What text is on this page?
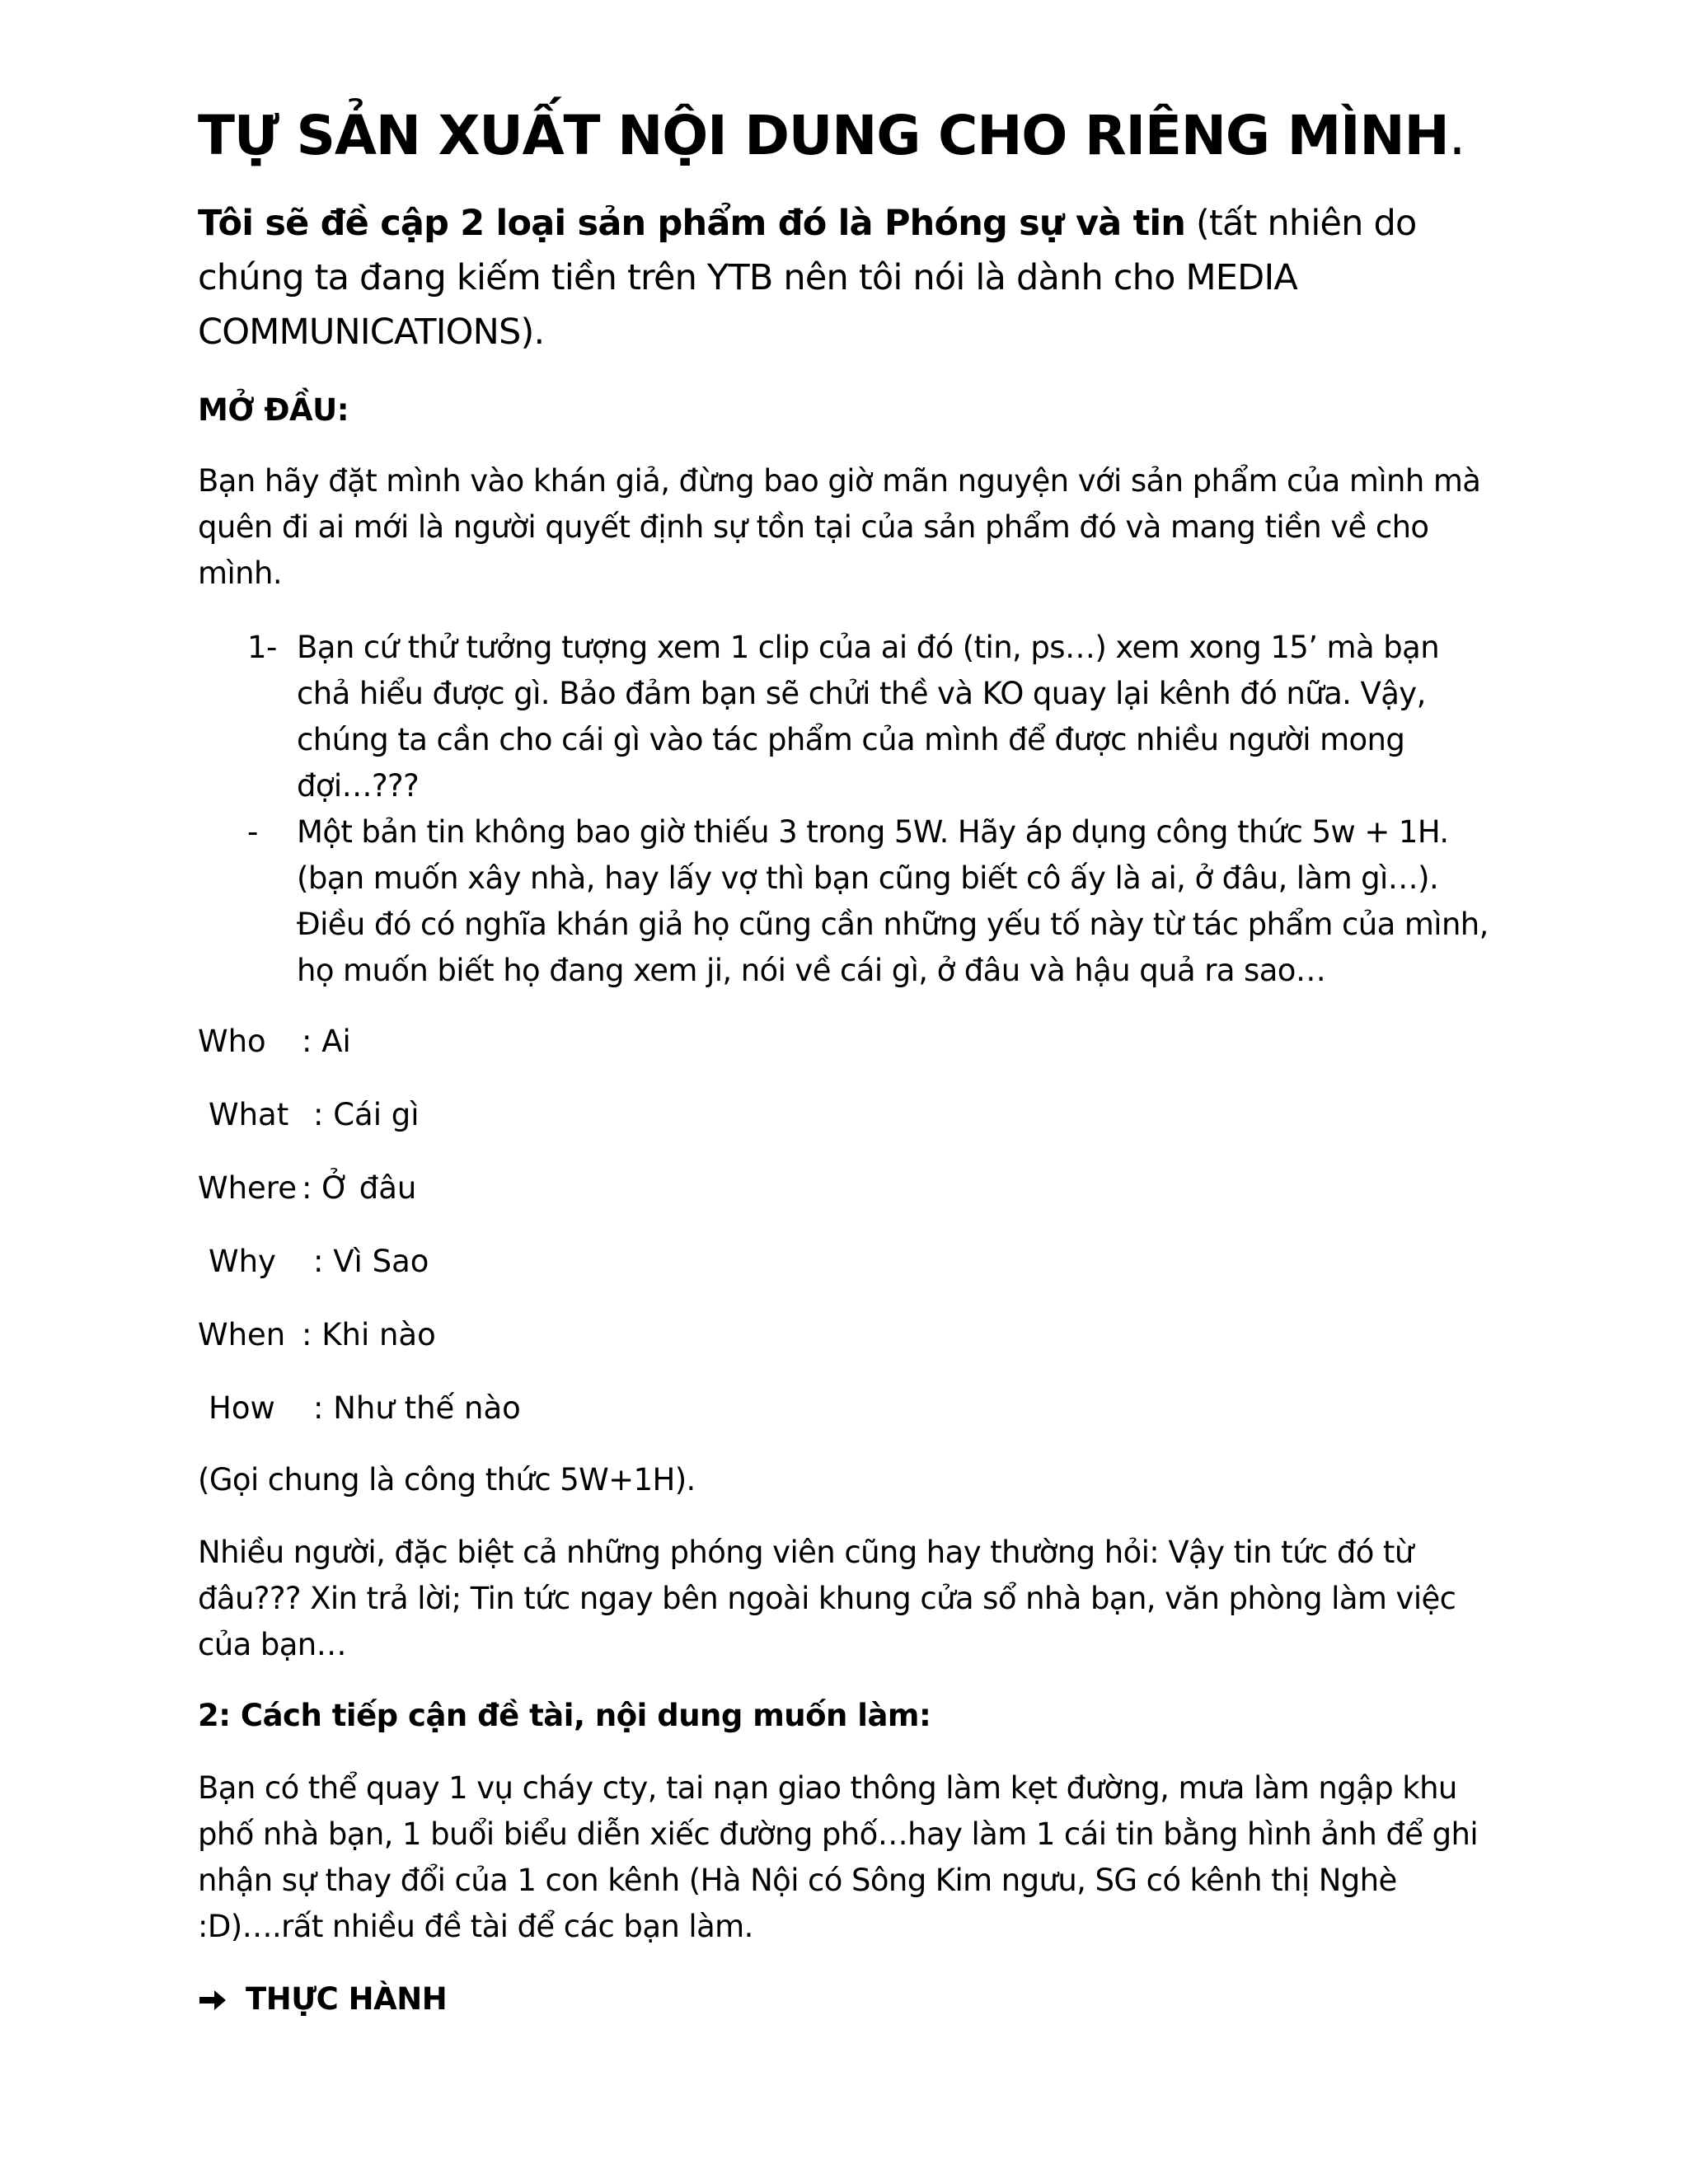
TỰ SẢN XUẤT NỘI DUNG CHO RIÊNG MÌNH.

Tôi sẽ đề cập 2 loại sản phẩm đó là Phóng sự và tin (tất nhiên do chúng ta đang kiếm tiền trên YTB nên tôi nói là dành cho MEDIA COMMUNICATIONS).

MỞ ĐẦU:

Bạn hãy đặt mình vào khán giả, đừng bao giờ mãn nguyện với sản phẩm của mình mà quên đi ai mới là người quyết định sự tồn tại của sản phẩm đó và mang tiền về cho mình.

1- Bạn cứ thử tưởng tượng xem 1 clip của ai đó (tin, ps…) xem xong 15’ mà bạn chả hiểu được gì. Bảo đảm bạn sẽ chửi thề và KO quay lại kênh đó nữa. Vậy, chúng ta cần cho cái gì vào tác phẩm của mình để được nhiều người mong đợi…???
- Một bản tin không bao giờ thiếu 3 trong 5W. Hãy áp dụng công thức 5w + 1H. (bạn muốn xây nhà, hay lấy vợ thì bạn cũng biết cô ấy là ai, ở đâu, làm gì…). Điều đó có nghĩa khán giả họ cũng cần những yếu tố này từ tác phẩm của mình, họ muốn biết họ đang xem ji, nói về cái gì, ở đâu và hậu quả ra sao…
Who : Ai
What : Cái gì
Where : Ở đâu
Why : Vì Sao
When : Khi nào
How : Như thế nào

(Gọi chung là công thức 5W+1H).

Nhiều người, đặc biệt cả những phóng viên cũng hay thường hỏi: Vậy tin tức đó từ đâu??? Xin trả lời; Tin tức ngay bên ngoài khung cửa sổ nhà bạn, văn phòng làm việc của bạn…

2: Cách tiếp cận đề tài, nội dung muốn làm:

Bạn có thể quay 1 vụ cháy cty, tai nạn giao thông làm kẹt đường, mưa làm ngập khu phố nhà bạn, 1 buổi biểu diễn xiếc đường phố…hay làm 1 cái tin bằng hình ảnh để ghi nhận sự thay đổi của 1 con kênh (Hà Nội có Sông Kim ngưu, SG có kênh thị Nghè :D)….rất nhiều đề tài để các bạn làm.

THỰC HÀNH
